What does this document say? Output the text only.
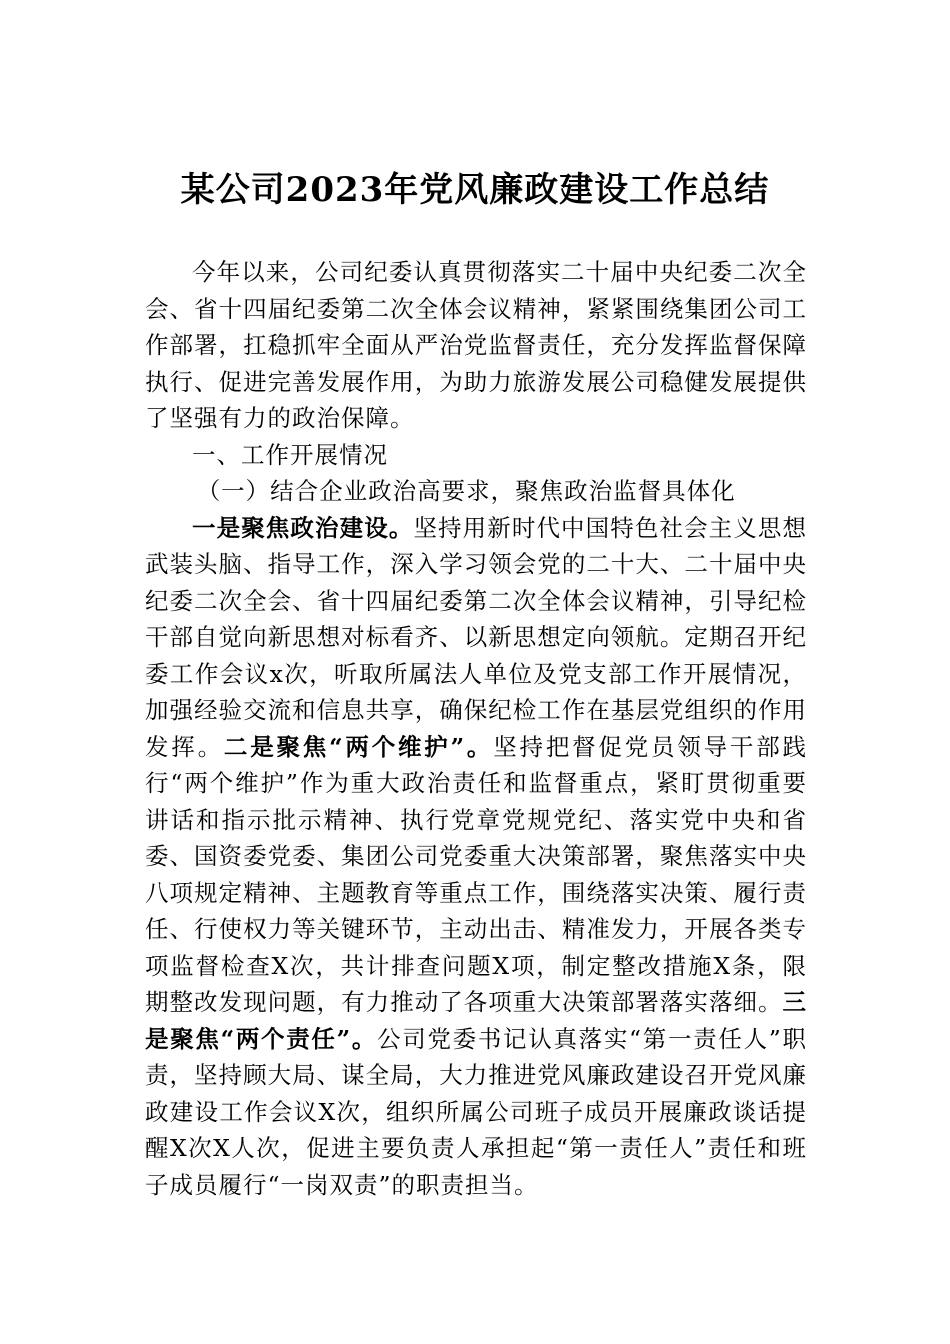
某公司2023年党风廉政建设工作总结

今年以来，公司纪委认真贯彻落实二十届中央纪委二次全会、省十四届纪委第二次全体会议精神，紧紧围绕集团公司工作部署，扛稳抓牢全面从严治党监督责任，充分发挥监督保障执行、促进完善发展作用，为助力旅游发展公司稳健发展提供了坚强有力的政治保障。

一、工作开展情况

（一）结合企业政治高要求，聚焦政治监督具体化

一是聚焦政治建设。坚持用新时代中国特色社会主义思想武装头脑、指导工作，深入学习领会党的二十大、二十届中央纪委二次全会、省十四届纪委第二次全体会议精神，引导纪检干部自觉向新思想对标看齐、以新思想定向领航。定期召开纪委工作会议x次，听取所属法人单位及党支部工作开展情况，加强经验交流和信息共享，确保纪检工作在基层党组织的作用发挥。二是聚焦“两个维护”。坚持把督促党员领导干部践行“两个维护”作为重大政治责任和监督重点，紧盯贯彻重要讲话和指示批示精神、执行党章党规党纪、落实党中央和省委、国资委党委、集团公司党委重大决策部署，聚焦落实中央八项规定精神、主题教育等重点工作，围绕落实决策、履行责任、行使权力等关键环节，主动出击、精准发力，开展各类专项监督检查X次，共计排查问题X项，制定整改措施X条，限期整改发现问题，有力推动了各项重大决策部署落实落细。三是聚焦“两个责任”。公司党委书记认真落实“第一责任人”职责，坚持顾大局、谋全局，大力推进党风廉政建设召开党风廉政建设工作会议X次，组织所属公司班子成员开展廉政谈话提醒X次X人次，促进主要负责人承担起“第一责任人”责任和班子成员履行“一岗双责”的职责担当。
